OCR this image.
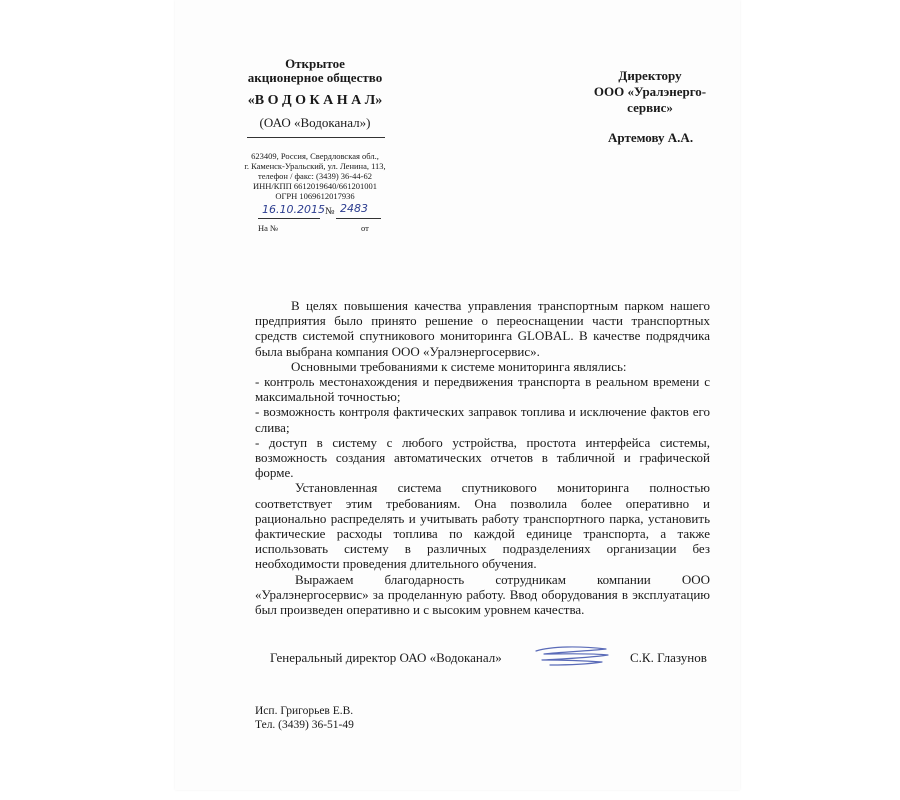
Открытое
акционерное общество
«В О Д О К А Н А Л»
(ОАО «Водоканал»)
623409, Россия, Свердловская обл.,
г. Каменск-Уральский, ул. Ленина, 113,
телефон / факс: (3439) 36-44-62
ИНН/КПП 6612019640/661201001
ОГРН 1069612017936
16.10.2015 № 2483
На №	от
Директору
ООО «Уралэнерго-
сервис»
Артемову А.А.

В целях повышения качества управления транспортным парком нашего предприятия было принято решение о переоснащении части транспортных средств системой спутникового мониторинга GLOBAL. В качестве подрядчика была выбрана компания ООО «Уралэнергосервис».

Основными требованиями к системе мониторинга являлись:

- контроль местонахождения и передвижения транспорта в реальном времени с максимальной точностью;

- возможность контроля фактических заправок топлива и исключение фактов его слива;

- доступ в систему с любого устройства, простота интерфейса системы, возможность создания автоматических отчетов в табличной и графической форме.

Установленная система спутникового мониторинга полностью соответствует этим требованиям. Она позволила более оперативно и рационально распределять и учитывать работу транспортного парка, установить фактические расходы топлива по каждой единице транспорта, а также использовать систему в различных подразделениях организации без необходимости проведения длительного обучения.

Выражаем благодарность сотрудникам компании ООО «Уралэнергосервис» за проделанную работу. Ввод оборудования в эксплуатацию был произведен оперативно и с высоким уровнем качества.

Генеральный директор ОАО «Водоканал»	С.К. Глазунов
Исп. Григорьев Е.В.
Тел. (3439) 36-51-49
